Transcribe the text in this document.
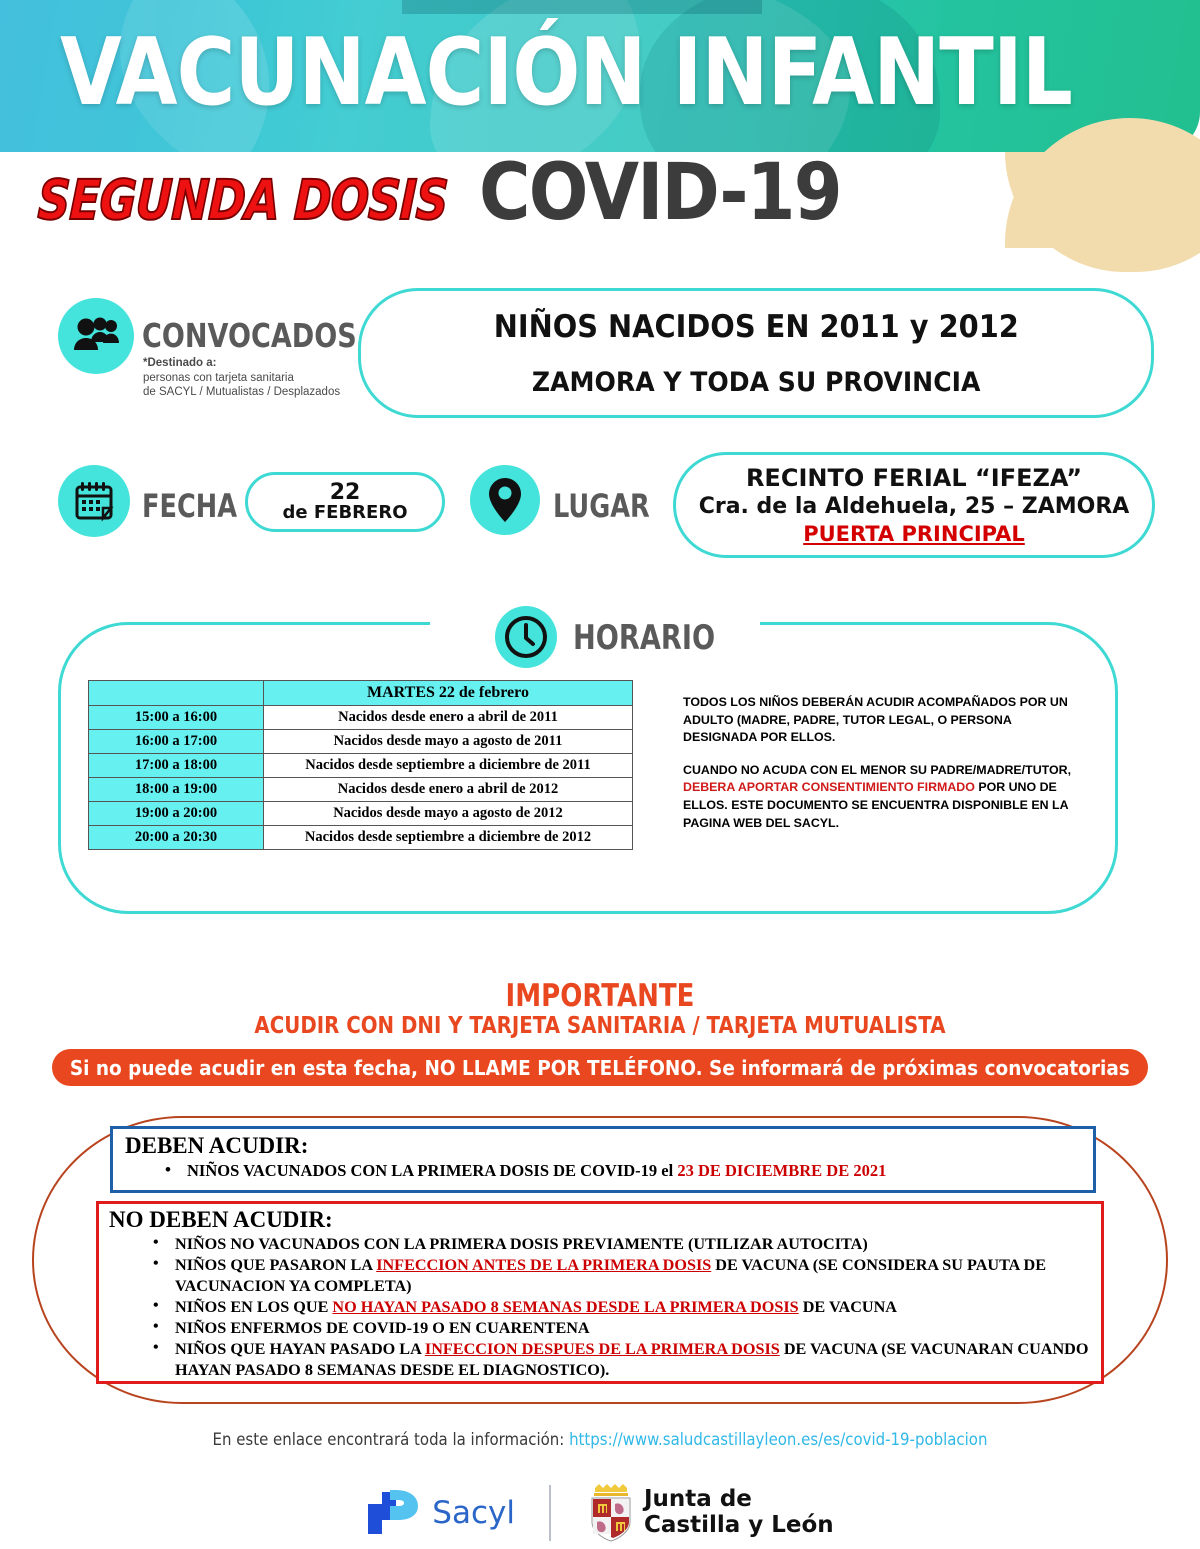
VACUNACIÓN INFANTIL
SEGUNDA DOSIS COVID-19
CONVOCADOS
*Destinado a:
personas con tarjeta sanitaria
de SACYL / Mutualistas / Desplazados
NIÑOS NACIDOS EN 2011 y 2012
ZAMORA Y TODA SU PROVINCIA
FECHA	22
de FEBRERO	LUGAR
RECINTO FERIAL “IFEZA”
Cra. de la Aldehuela, 25 – ZAMORA
PUERTA PRINCIPAL
HORARIO
	MARTES 22 de febrero
15:00 a 16:00	Nacidos desde enero a abril de 2011
16:00 a 17:00	Nacidos desde mayo a agosto de 2011
17:00 a 18:00	Nacidos desde septiembre a diciembre de 2011
18:00 a 19:00	Nacidos desde enero a abril de 2012
19:00 a 20:00	Nacidos desde mayo a agosto de 2012
20:00 a 20:30	Nacidos desde septiembre a diciembre de 2012

TODOS LOS NIÑOS DEBERÁN ACUDIR ACOMPAÑADOS POR UN ADULTO (MADRE, PADRE, TUTOR LEGAL, O PERSONA DESIGNADA POR ELLOS.

CUANDO NO ACUDA CON EL MENOR SU PADRE/MADRE/TUTOR, DEBERA APORTAR CONSENTIMIENTO FIRMADO POR UNO DE ELLOS. ESTE DOCUMENTO SE ENCUENTRA DISPONIBLE EN LA PAGINA WEB DEL SACYL.

IMPORTANTE
ACUDIR CON DNI Y TARJETA SANITARIA / TARJETA MUTUALISTA
Si no puede acudir en esta fecha, NO LLAME POR TELÉFONO. Se informará de próximas convocatorias
DEBEN ACUDIR:
• NIÑOS VACUNADOS CON LA PRIMERA DOSIS DE COVID-19 el 23 DE DICIEMBRE DE 2021
NO DEBEN ACUDIR:
• NIÑOS NO VACUNADOS CON LA PRIMERA DOSIS PREVIAMENTE (UTILIZAR AUTOCITA)
• NIÑOS QUE PASARON LA INFECCION ANTES DE LA PRIMERA DOSIS DE VACUNA (SE CONSIDERA SU PAUTA DE VACUNACION YA COMPLETA)
• NIÑOS EN LOS QUE NO HAYAN PASADO 8 SEMANAS DESDE LA PRIMERA DOSIS DE VACUNA
• NIÑOS ENFERMOS DE COVID-19 O EN CUARENTENA
• NIÑOS QUE HAYAN PASADO LA INFECCION DESPUES DE LA PRIMERA DOSIS DE VACUNA (SE VACUNARAN CUANDO HAYAN PASADO 8 SEMANAS DESDE EL DIAGNOSTICO).
En este enlace encontrará toda la información: https://www.saludcastillayleon.es/es/covid-19-poblacion
Sacyl	Junta de
Castilla y León
